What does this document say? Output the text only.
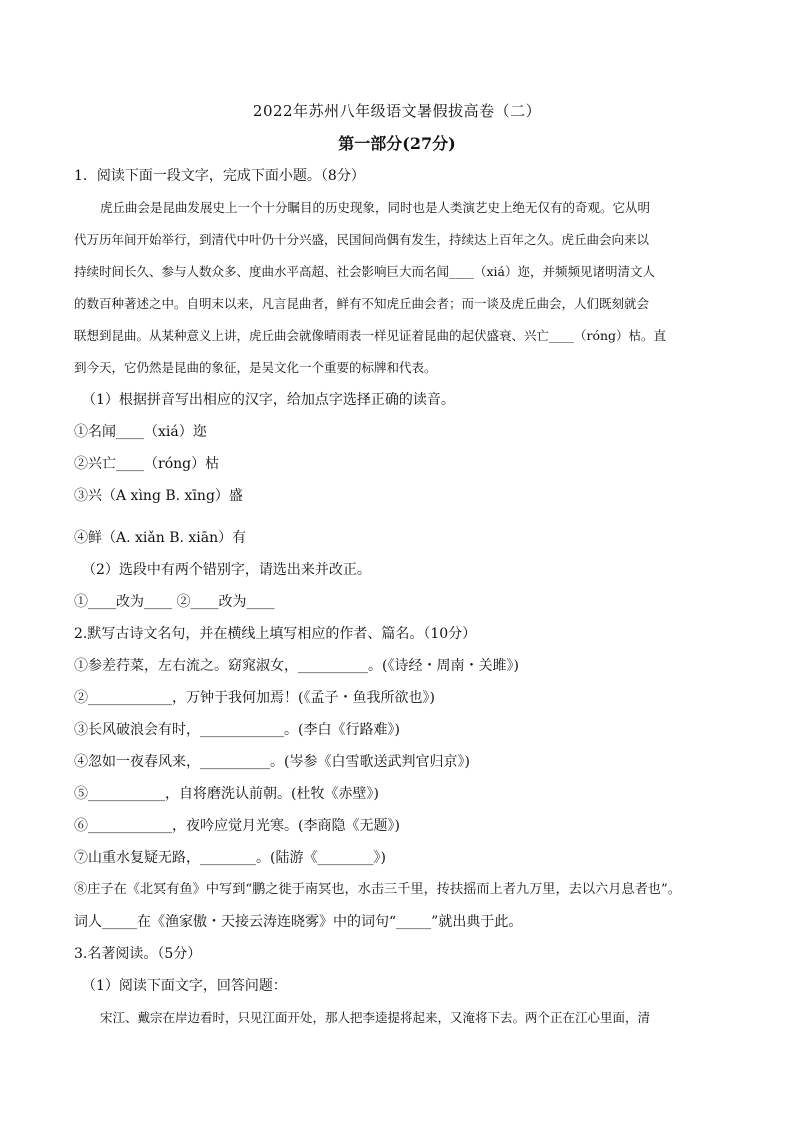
2022年苏州八年级语文暑假拔高卷（二）
第一部分(27分)
1．阅读下面一段文字，完成下面小题。（8分）
虎丘曲会是昆曲发展史上一个十分瞩目的历史现象，同时也是人类演艺史上绝无仅有的奇观。它从明
代万历年间开始举行，到清代中叶仍十分兴盛，民国间尚偶有发生，持续达上百年之久。虎丘曲会向来以
持续时间长久、参与人数众多、度曲水平高超、社会影响巨大而名闻____（xiá）迩，并频频见诸明清文人
的数百种著述之中。自明末以来，凡言昆曲者，鲜有不知虎丘曲会者；而一谈及虎丘曲会，人们既刻就会
联想到昆曲。从某种意义上讲，虎丘曲会就像晴雨表一样见证着昆曲的起伏盛衰、兴亡____（róng）枯。直
到今天，它仍然是昆曲的象征，是吴文化一个重要的标牌和代表。
（1）根据拼音写出相应的汉字，给加点字选择正确的读音。
①名闻____（xiá）迩
②兴亡____（róng）枯
③兴（A xìng B. xīng）盛
④鲜（A. xiǎn B. xiān）有
（2）选段中有两个错别字，请选出来并改正。
①____改为____ ②____改为____
2.默写古诗文名句，并在横线上填写相应的作者、篇名。（10分）
①参差荇菜，左右流之。窈窕淑女，__________。(《诗经・周南・关雎》)
②____________，万钟于我何加焉！(《孟子・鱼我所欲也》)
③长风破浪会有时，____________。(李白《行路难》)
④忽如一夜春风来，__________。(岑参《白雪歌送武判官归京》)
⑤___________，自将磨洗认前朝。(杜牧《赤壁》)
⑥____________，夜吟应觉月光寒。(李商隐《无题》)
⑦山重水复疑无路，________。(陆游《________》)
⑧庄子在《北冥有鱼》中写到“鹏之徙于南冥也，水击三千里，抟扶摇而上者九万里，去以六月息者也”。
词人_____在《渔家傲・天接云涛连晓雾》中的词句“_____”就出典于此。
3.名著阅读。（5分）
（1）阅读下面文字，回答问题：
宋江、戴宗在岸边看时，只见江面开处，那人把李逵提将起来，又淹将下去。两个正在江心里面，清
